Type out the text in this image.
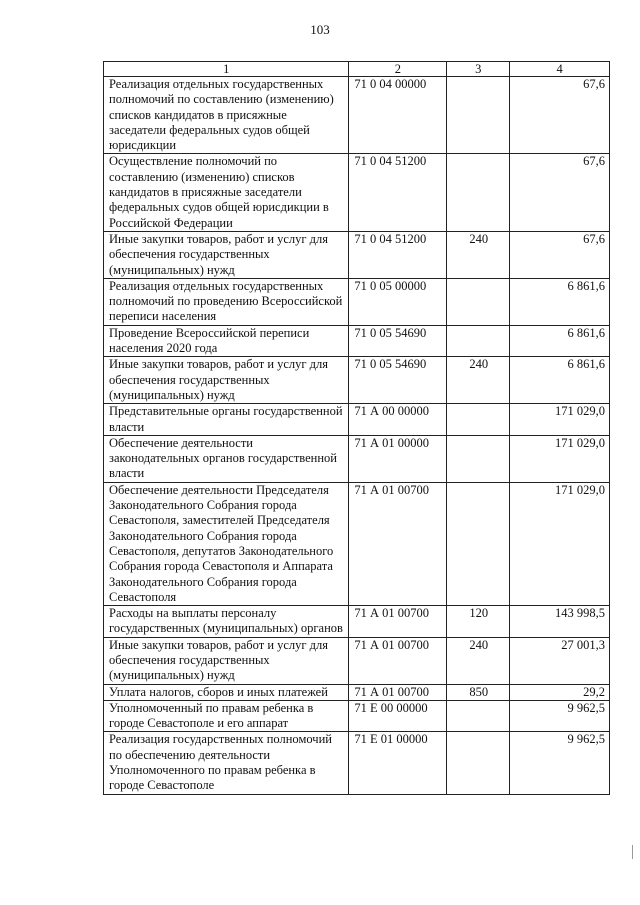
103
1	2	3	4
Реализация отдельных государственных полномочий по составлению (изменению) списков кандидатов в присяжные заседатели федеральных судов общей юрисдикции	71 0 04 00000		67,6
Осуществление полномочий по составлению (изменению) списков кандидатов в присяжные заседатели федеральных судов общей юрисдикции в Российской Федерации	71 0 04 51200		67,6
Иные закупки товаров, работ и услуг для обеспечения государственных (муниципальных) нужд	71 0 04 51200	240	67,6
Реализация отдельных государственных полномочий по проведению Всероссийской переписи населения	71 0 05 00000		6 861,6
Проведение Всероссийской переписи населения 2020 года	71 0 05 54690		6 861,6
Иные закупки товаров, работ и услуг для обеспечения государственных (муниципальных) нужд	71 0 05 54690	240	6 861,6
Представительные органы государственной власти	71 А 00 00000		171 029,0
Обеспечение деятельности законодательных органов государственной власти	71 А 01 00000		171 029,0
Обеспечение деятельности Председателя Законодательного Собрания города Севастополя, заместителей Председателя Законодательного Собрания города Севастополя, депутатов Законодательного Собрания города Севастополя и Аппарата Законодательного Собрания города Севастополя	71 А 01 00700		171 029,0
Расходы на выплаты персоналу государственных (муниципальных) органов	71 А 01 00700	120	143 998,5
Иные закупки товаров, работ и услуг для обеспечения государственных (муниципальных) нужд	71 А 01 00700	240	27 001,3
Уплата налогов, сборов и иных платежей	71 А 01 00700	850	29,2
Уполномоченный по правам ребенка в городе Севастополе и его аппарат	71 Е 00 00000		9 962,5
Реализация государственных полномочий по обеспечению деятельности Уполномоченного по правам ребенка в городе Севастополе	71 Е 01 00000		9 962,5
